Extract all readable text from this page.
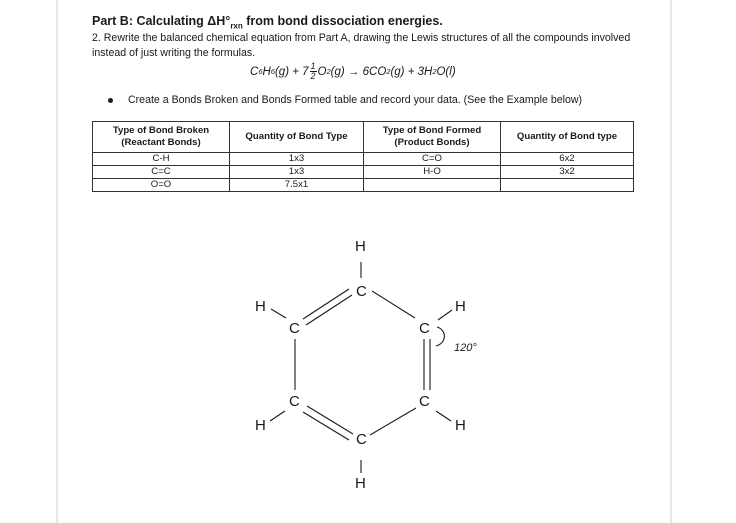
Part B: Calculating $\Delta H^\circ_{rxn}$ from bond dissociation energies.
2. Rewrite the balanced chemical equation from Part A, drawing the Lewis structures of all the compounds involved instead of just writing the formulas.
C 6 H 6 $(g) + 7 \frac{1}{2}$ O 2 (g) → 6CO 2 (g) + 3H 2 O(l)
Create a Bonds Broken and Bonds Formed table and record your data. (See the Example below)
Type of Bond Broken (Reactant Bonds)	Quantity of Bond Type	Type of Bond Formed (Product Bonds)	Quantity of Bond type
C-H	1x3	C=O	6x2
C=C	1x3	H-O	3x2
O=O	7.5x1		
H
H	H
H	H
H
C
C	C
C	C
C
120°
